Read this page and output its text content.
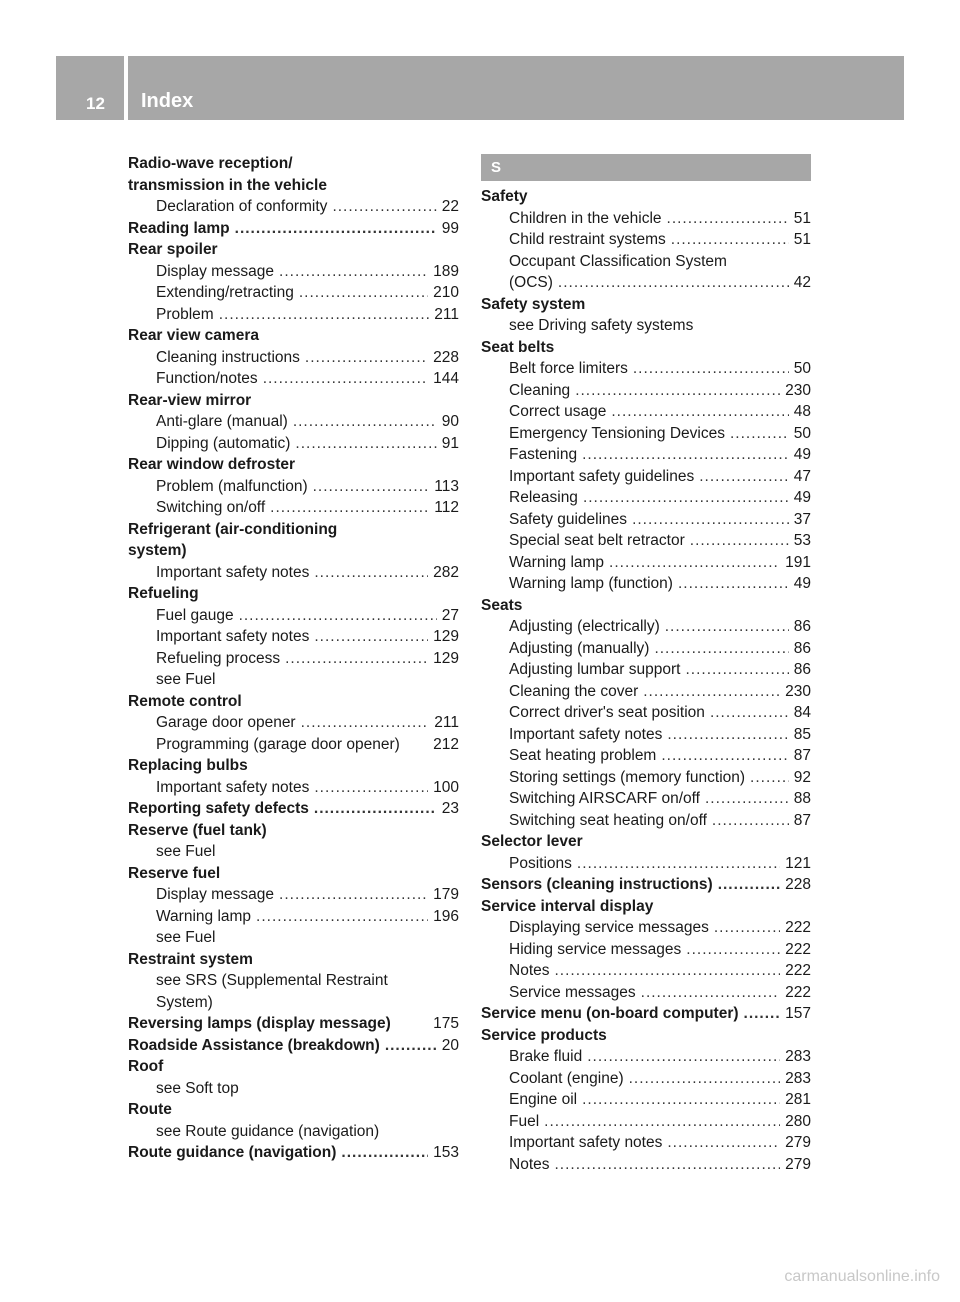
12 Index
Radio-wave reception/
transmission in the vehicle
Declaration of conformity .....	22
Reading lamp .....	99
Rear spoiler
Display message .....	189
Extending/retracting .....	210
Problem .....	211
Rear view camera
Cleaning instructions .....	228
Function/notes .....	144
Rear-view mirror
Anti-glare (manual) .....	90
Dipping (automatic) .....	91
Rear window defroster
Problem (malfunction) .....	113
Switching on/off .....	112
Refrigerant (air-conditioning
system)
Important safety notes .....	282
Refueling
Fuel gauge .....	27
Important safety notes .....	129
Refueling process .....	129
see Fuel
Remote control
Garage door opener .....	211
Programming (garage door opener) 212
Replacing bulbs
Important safety notes .....	100
Reporting safety defects .....	23
Reserve (fuel tank)
see Fuel
Reserve fuel
Display message .....	179
Warning lamp .....	196
see Fuel
Restraint system
see SRS (Supplemental Restraint
System)
Reversing lamps (display message)	175
Roadside Assistance (breakdown) .....	20
Roof
see Soft top
Route
see Route guidance (navigation)
Route guidance (navigation) .....	153
S
Safety
Children in the vehicle .....	51
Child restraint systems .....	51
Occupant Classification System
(OCS) .....	42
Safety system
see Driving safety systems
Seat belts
Belt force limiters .....	50
Cleaning .....	230
Correct usage .....	48
Emergency Tensioning Devices .....	50
Fastening .....	49
Important safety guidelines .....	47
Releasing .....	49
Safety guidelines .....	37
Special seat belt retractor .....	53
Warning lamp .....	191
Warning lamp (function) .....	49
Seats
Adjusting (electrically) .....	86
Adjusting (manually) .....	86
Adjusting lumbar support .....	86
Cleaning the cover .....	230
Correct driver's seat position .....	84
Important safety notes .....	85
Seat heating problem .....	87
Storing settings (memory function) .....	92
Switching AIRSCARF on/off .....	88
Switching seat heating on/off .....	87
Selector lever
Positions .....	121
Sensors (cleaning instructions) .....	228
Service interval display
Displaying service messages .....	222
Hiding service messages .....	222
Notes .....	222
Service messages .....	222
Service menu (on-board computer) .....	157
Service products
Brake fluid .....	283
Coolant (engine) .....	283
Engine oil .....	281
Fuel .....	280
Important safety notes .....	279
Notes .....	279
carmanualsonline.info
